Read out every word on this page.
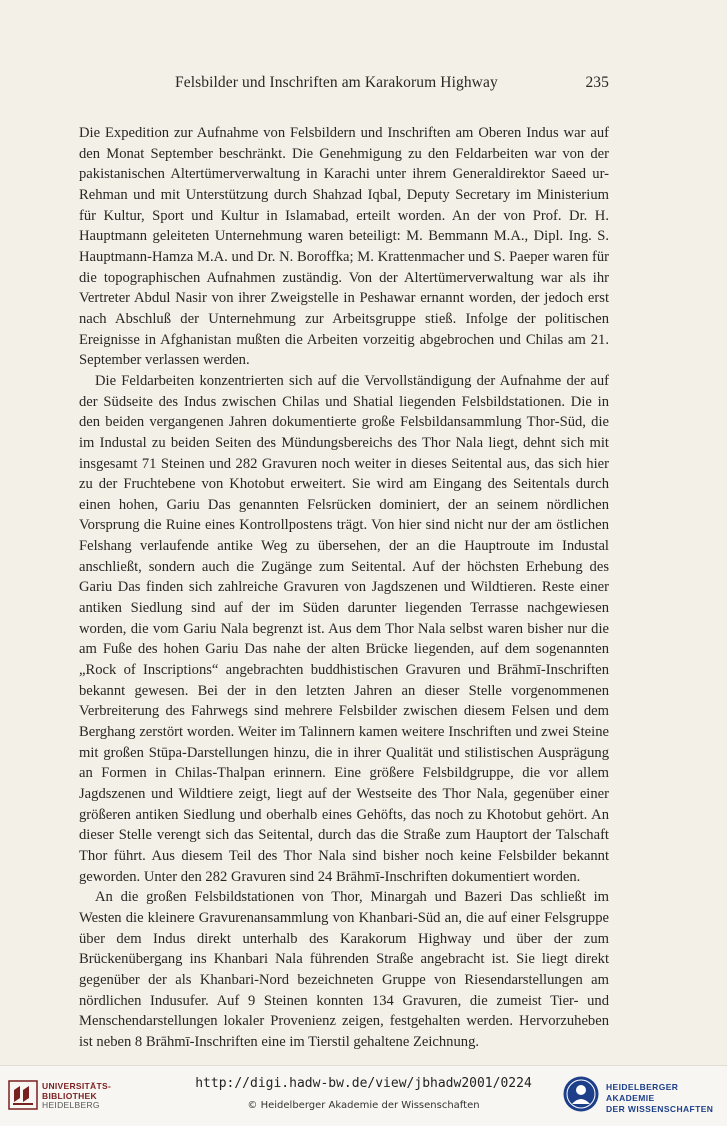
Felsbilder und Inschriften am Karakorum Highway	235

Die Expedition zur Aufnahme von Felsbildern und Inschriften am Oberen Indus war auf den Monat September beschränkt. Die Genehmigung zu den Feldarbeiten war von der pakistanischen Altertümerverwaltung in Karachi unter ihrem Generaldirektor Saeed ur-Rehman und mit Unterstützung durch Shahzad Iqbal, Deputy Secretary im Ministerium für Kultur, Sport und Kultur in Islamabad, erteilt worden. An der von Prof. Dr. H. Hauptmann geleiteten Unternehmung waren beteiligt: M. Bemmann M.A., Dipl. Ing. S. Hauptmann-Hamza M.A. und Dr. N. Boroffka; M. Krattenmacher und S. Paeper waren für die topographischen Aufnahmen zuständig. Von der Altertümerverwaltung war als ihr Vertreter Abdul Nasir von ihrer Zweigstelle in Peshawar ernannt worden, der jedoch erst nach Abschluß der Unternehmung zur Arbeitsgruppe stieß. Infolge der politischen Ereignisse in Afghanistan mußten die Arbeiten vorzeitig abgebrochen und Chilas am 21. September verlassen werden.

Die Feldarbeiten konzentrierten sich auf die Vervollständigung der Aufnahme der auf der Südseite des Indus zwischen Chilas und Shatial liegenden Felsbildstationen. Die in den beiden vergangenen Jahren dokumentierte große Felsbildansammlung Thor-Süd, die im Industal zu beiden Seiten des Mündungsbereichs des Thor Nala liegt, dehnt sich mit insgesamt 71 Steinen und 282 Gravuren noch weiter in dieses Seitental aus, das sich hier zu der Fruchtebene von Khotobut erweitert. Sie wird am Eingang des Seitentals durch einen hohen, Gariu Das genannten Felsrücken dominiert, der an seinem nördlichen Vorsprung die Ruine eines Kontrollpostens trägt. Von hier sind nicht nur der am östlichen Felshang verlaufende antike Weg zu übersehen, der an die Hauptroute im Industal anschließt, sondern auch die Zugänge zum Seitental. Auf der höchsten Erhebung des Gariu Das finden sich zahlreiche Gravuren von Jagdszenen und Wildtieren. Reste einer antiken Siedlung sind auf der im Süden darunter liegenden Terrasse nachgewiesen worden, die vom Gariu Nala begrenzt ist. Aus dem Thor Nala selbst waren bisher nur die am Fuße des hohen Gariu Das nahe der alten Brücke liegenden, auf dem sogenannten „Rock of Inscriptions“ angebrachten buddhistischen Gravuren und Brāhmī-Inschriften bekannt gewesen. Bei der in den letzten Jahren an dieser Stelle vorgenommenen Verbreiterung des Fahrwegs sind mehrere Felsbilder zwischen diesem Felsen und dem Berghang zerstört worden. Weiter im Talinnern kamen weitere Inschriften und zwei Steine mit großen Stūpa-Darstellungen hinzu, die in ihrer Qualität und stilistischen Ausprägung an Formen in Chilas-Thalpan erinnern. Eine größere Felsbildgruppe, die vor allem Jagdszenen und Wildtiere zeigt, liegt auf der Westseite des Thor Nala, gegenüber einer größeren antiken Siedlung und oberhalb eines Gehöfts, das noch zu Khotobut gehört. An dieser Stelle verengt sich das Seitental, durch das die Straße zum Hauptort der Talschaft Thor führt. Aus diesem Teil des Thor Nala sind bisher noch keine Felsbilder bekannt geworden. Unter den 282 Gravuren sind 24 Brāhmī-Inschriften dokumentiert worden.

An die großen Felsbildstationen von Thor, Minargah und Bazeri Das schließt im Westen die kleinere Gravurenansammlung von Khanbari-Süd an, die auf einer Felsgruppe über dem Indus direkt unterhalb des Karakorum Highway und über der zum Brückenübergang ins Khanbari Nala führenden Straße angebracht ist. Sie liegt direkt gegenüber der als Khanbari-Nord bezeichneten Gruppe von Riesendarstellungen am nördlichen Indusufer. Auf 9 Steinen konnten 134 Gravuren, die zumeist Tier- und Menschendarstellungen lokaler Provenienz zeigen, festgehalten werden. Hervorzuheben ist neben 8 Brāhmī-Inschriften eine im Tierstil gehaltene Zeichnung.

UNIVERSITÄTS-
BIBLIOTHEK
HEIDELBERG
http://digi.hadw-bw.de/view/jbhadw2001/0224
© Heidelberger Akademie der Wissenschaften
HEIDELBERGER AKADEMIE
DER WISSENSCHAFTEN
